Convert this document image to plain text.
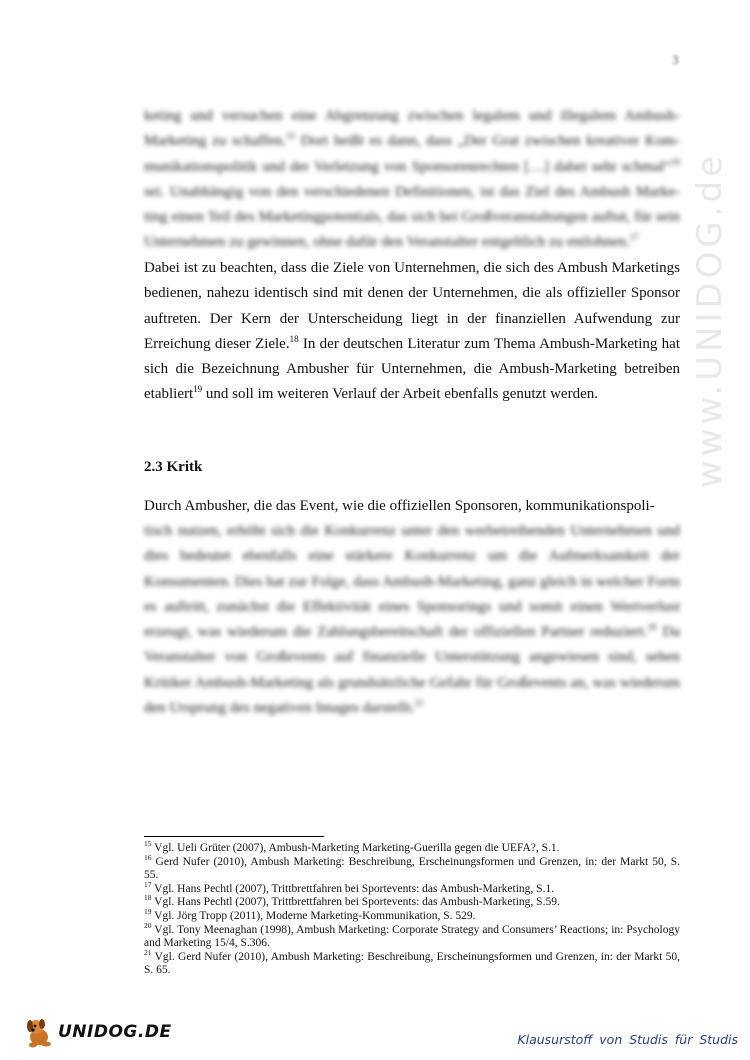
3

keting und versuchen eine Abgrenzung zwischen legalem und illegalem Ambush- Marketing zu schaffen.$^{15}$ Dort heißt es dann, dass „Der Grat zwischen kreativer Kom- munikationspolitik und der Verletzung von Sponsorenrechten […] dabei sehr schmal“$^{16}$ sei. Unabhängig von den verschiedenen Definitionen, ist das Ziel des Ambush Marke- ting einen Teil des Marketingpotentials, das sich bei Großveranstaltungen auftut, für sein Unternehmen zu gewinnen, ohne dafür den Veranstalter entgeltlich zu entlohnen.$^{17}$

Dabei ist zu beachten, dass die Ziele von Unternehmen, die sich des Ambush Marketings bedienen, nahezu identisch sind mit denen der Unternehmen, die als offizieller Sponsor auftreten. Der Kern der Unterscheidung liegt in der finanziellen Aufwendung zur Erreichung dieser Ziele.$^{18}$ In der deutschen Literatur zum Thema Ambush-Marketing hat sich die Bezeichnung Ambusher für Unternehmen, die Ambush-Marketing betreiben etabliert$^{19}$ und soll im weiteren Verlauf der Arbeit ebenfalls genutzt werden.

2.3 Kritk

Durch Ambusher, die das Event, wie die offiziellen Sponsoren, kommunikationspoli-

tisch nutzen, erhöht sich die Konkurrenz unter den werbetreibenden Unternehmen und dies bedeutet ebenfalls eine stärkere Konkurrenz um die Aufmerksamkeit der Konsumenten. Dies hat zur Folge, dass Ambush-Marketing, ganz gleich in welcher Form es auftritt, zunächst die Effektivität eines Sponsorings und somit einen Wertverlust erzeugt, was wiederum die Zahlungsbereitschaft der offiziellen Partner reduziert.$^{20}$ Da Veranstalter von Großevents auf finanzielle Unterstützung angewiesen sind, sehen Kritiker Ambush-Marketing als grundsätzliche Gefahr für Großevents an, was wiederum den Ursprung des negativen Images darstellt.$^{21}$

$^{15}$ Vgl. Ueli Grüter (2007), Ambush-Marketing Marketing-Guerilla gegen die UEFA?, S.1.

$^{16}$ Gerd Nufer (2010), Ambush Marketing: Beschreibung, Erscheinungsformen und Grenzen, in: der Markt 50, S. 55.

$^{17}$ Vgl. Hans Pechtl (2007), Trittbrettfahren bei Sportevents: das Ambush-Marketing, S.1.

$^{18}$ Vgl. Hans Pechtl (2007), Trittbrettfahren bei Sportevents: das Ambush-Marketing, S.59.

$^{19}$ Vgl. Jörg Tropp (2011), Moderne Marketing-Kommunikation, S. 529.

$^{20}$ Vgl. Tony Meenaghan (1998), Ambush Marketing: Corporate Strategy and Consumers’ Reactions; in: Psychology and Marketing 15/4, S.306.

$^{21}$ Vgl. Gerd Nufer (2010), Ambush Marketing: Beschreibung, Erscheinungsformen und Grenzen, in: der Markt 50, S. 65.

www.UNIDOG.de
UNIDOG.DE	Klausurstoff von Studis für Studis
